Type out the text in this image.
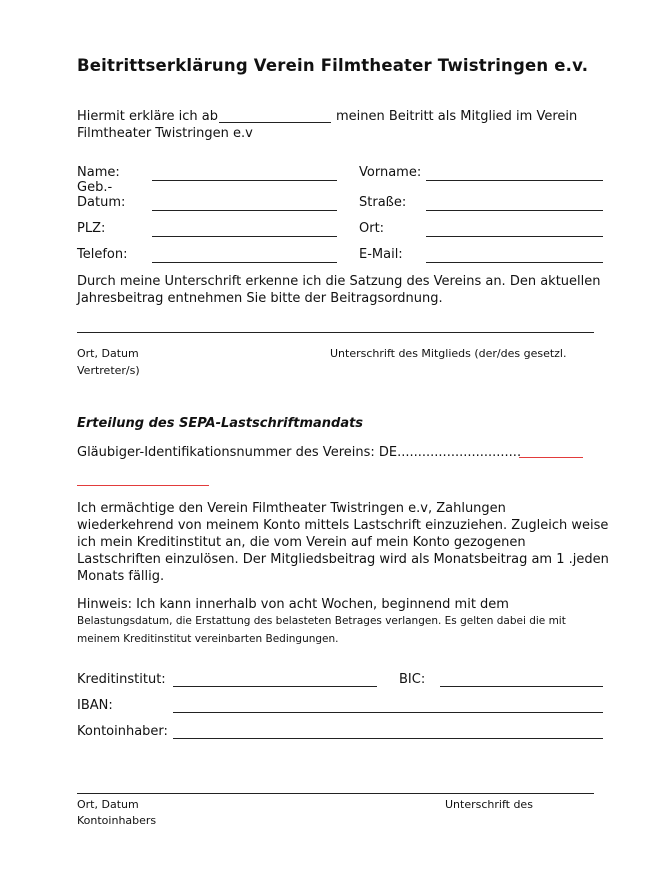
Beitrittserklärung Verein Filmtheater Twistringen e.v.
Hiermit erkläre ich ab	meinen Beitritt als Mitglied im Verein
Filmtheater Twistringen e.v
Name:	Vorname:
Geb.-
Datum:	Straße:
PLZ:	Ort:
Telefon:	E-Mail:
Durch meine Unterschrift erkenne ich die Satzung des Vereins an. Den aktuellen
Jahresbeitrag entnehmen Sie bitte der Beitragsordnung.
Ort, Datum	Unterschrift des Mitglieds (der/des gesetzl.
Vertreter/s)
Erteilung des SEPA-Lastschriftmandats
Gläubiger-Identifikationsnummer des Vereins: DE..............................
Ich ermächtige den Verein Filmtheater Twistringen e.v, Zahlungen
wiederkehrend von meinem Konto mittels Lastschrift einzuziehen. Zugleich weise
ich mein Kreditinstitut an, die vom Verein auf mein Konto gezogenen
Lastschriften einzulösen. Der Mitgliedsbeitrag wird als Monatsbeitrag am 1 .jeden
Monats fällig.
Hinweis: Ich kann innerhalb von acht Wochen, beginnend mit dem
Belastungsdatum, die Erstattung des belasteten Betrages verlangen. Es gelten dabei die mit
meinem Kreditinstitut vereinbarten Bedingungen.
Kreditinstitut:	BIC:
IBAN:
Kontoinhaber:
Ort, Datum	Unterschrift des
Kontoinhabers
